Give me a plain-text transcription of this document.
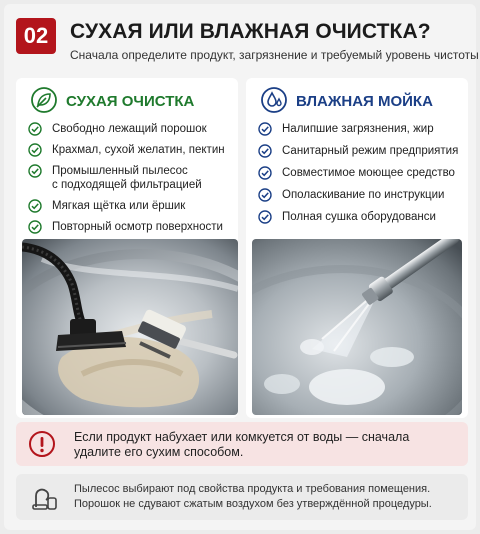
02	СУХАЯ ИЛИ ВЛАЖНАЯ ОЧИСТКА?
Сначала определите продукт, загрязнение и требуемый уровень чистоты
СУХАЯ ОЧИСТКА
Свободно лежащий порошок
Крахмал, сухой желатин, пектин
Промышленный пылесос
с подходящей фильтрацией
Мягкая щётка или ёршик
Повторный осмотр поверхности
ВЛАЖНАЯ МОЙКА
Налипшие загрязнения, жир
Санитарный режим предприятия
Совместимое моющее средство
Ополаскивание по инструкции
Полная сушка оборудованси
Если продукт набухает или комкуется от воды — сначала удалите его сухим способом.
Пылесос выбирают под свойства продукта и требования помещения.
Порошок не сдувают сжатым воздухом без утверждённой процедуры.
